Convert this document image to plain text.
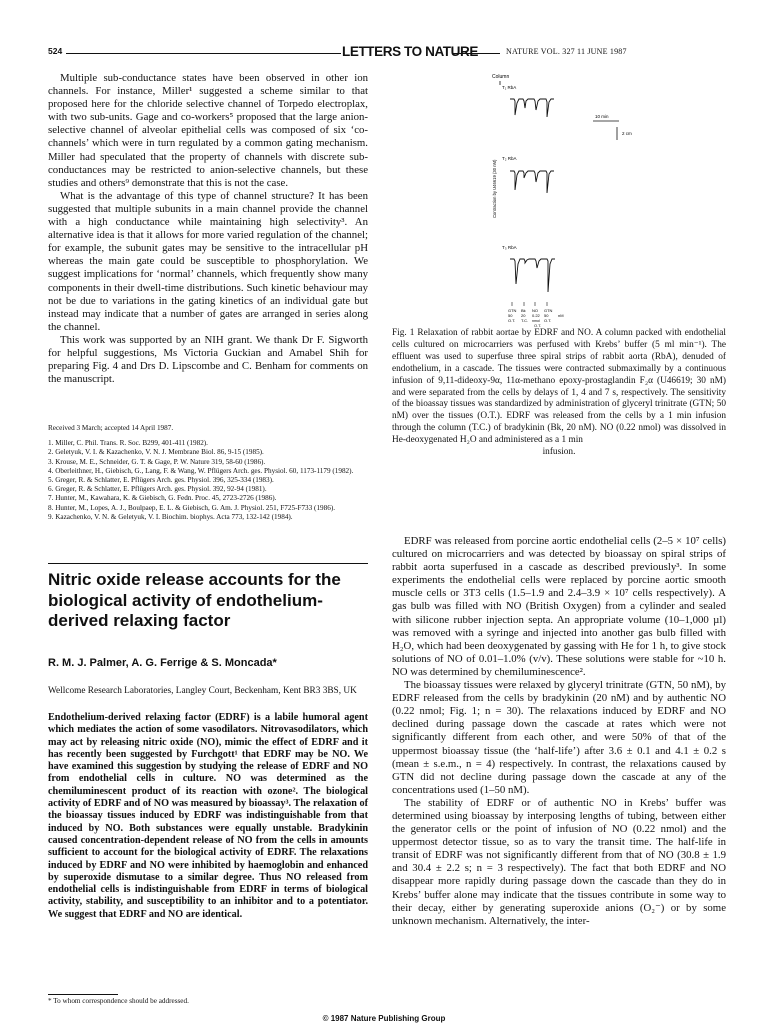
524	LETTERS TO NATURE	NATURE VOL. 327 11 JUNE 1987

Multiple sub-conductance states have been observed in other ion channels. For instance, Miller¹ suggested a scheme similar to that proposed here for the chloride selective channel of Torpedo electroplax, with two sub-units. Gage and co-workers⁵ proposed that the large anion-selective channel of alveolar epithelial cells was composed of six ‘co-channels’ which were in turn regulated by a common gating mechanism. Miller had speculated that the property of channels with discrete sub-conductances may be restricted to anion-selective channels, but these studies and others⁹ demonstrate that this is not the case.

What is the advantage of this type of channel structure? It has been suggested that multiple subunits in a main channel provide the channel with a high conductance while maintaining high selectivity³. An alternative idea is that it allows for more varied regulation of the channel; for example, the subunit gates may be sensitive to the intracellular pH whereas the main gate could be susceptible to phosphorylation. We suggest implications for ‘normal’ channels, which frequently show many components in their dwell-time distributions. Such kinetic behaviour may not be due to variations in the gating kinetics of an individual gate but instead may indicate that a number of gates are arranged in series along the channel.

This work was supported by an NIH grant. We thank Dr F. Sigworth for helpful suggestions, Ms Victoria Guckian and Amabel Shih for preparing Fig. 4 and Drs D. Lipscombe and C. Benham for comments on the manuscript.

Received 3 March; accepted 14 April 1987.
1. Miller, C. Phil. Trans. R. Soc. B299, 401-411 (1982).
2. Geletyuk, V. I. & Kazachenko, V. N. J. Membrane Biol. 86, 9-15 (1985).
3. Krouse, M. E., Schneider, G. T. & Gage, P. W. Nature 319, 58-60 (1986).
4. Oberleithner, H., Giebisch, G., Lang, F. & Wang, W. Pflügers Arch. ges. Physiol. 60, 1173-1179 (1982).
5. Greger, R. & Schlatter, E. Pflügers Arch. ges. Physiol. 396, 325-334 (1983).
6. Greger, R. & Schlatter, E. Pflügers Arch. ges. Physiol. 392, 92-94 (1981).
7. Hunter, M., Kawahara, K. & Giebisch, G. Fedn. Proc. 45, 2723-2726 (1986).
8. Hunter, M., Lopes, A. J., Boulpaep, E. L. & Giebisch, G. Am. J. Physiol. 251, F725-F733 (1986).
9. Kazachenko, V. N. & Geletyuk, V. I. Biochim. biophys. Acta 773, 132-142 (1984).
Nitric oxide release accounts for the biological activity of endothelium-derived relaxing factor
R. M. J. Palmer, A. G. Ferrige & S. Moncada*
Wellcome Research Laboratories, Langley Court, Beckenham, Kent BR3 3BS, UK
Endothelium-derived relaxing factor (EDRF) is a labile humoral agent which mediates the action of some vasodilators. Nitrovasodilators, which may act by releasing nitric oxide (NO), mimic the effect of EDRF and it has recently been suggested by Furchgott¹ that EDRF may be NO. We have examined this suggestion by studying the release of EDRF and NO from endothelial cells in culture. NO was determined as the chemiluminescent product of its reaction with ozone². The biological activity of EDRF and of NO was measured by bioassay³. The relaxation of the bioassay tissues induced by EDRF was indistinguishable from that induced by NO. Both substances were equally unstable. Bradykinin caused concentration-dependent release of NO from the cells in amounts sufficient to account for the biological activity of EDRF. The relaxations induced by EDRF and NO were inhibited by haemoglobin and enhanced by superoxide dismutase to a similar degree. Thus NO released from endothelial cells is indistinguishable from EDRF in terms of biological activity, stability, and susceptibility to an inhibitor and to a potentiator. We suggest that EDRF and NO are identical.
* To whom correspondence should be addressed.
Column
T₁ RbA
10 min
2 cm
Contraction by U46619 (30 nM)
T₂ RbA
T₃ RbA
GTN
50
O.T.
Bk
20
T.C.
NO
0.22
nmol
GTN
50
O.T.
nM
O.T.
Fig. 1 Relaxation of rabbit aortae by EDRF and NO. A column packed with endothelial cells cultured on microcarriers was perfused with Krebs’ buffer (5 ml min⁻¹). The effluent was used to superfuse three spiral strips of rabbit aorta (RbA), denuded of endothelium, in a cascade. The tissues were contracted submaximally by a continuous infusion of 9,11-dideoxy-9α, 11α-methano epoxy-prostaglandin F₂α (U46619; 30 nM) and were separated from the cells by delays of 1, 4 and 7 s, respectively. The sensitivity of the bioassay tissues was standardized by administration of glyceryl trinitrate (GTN; 50 nM) over the tissues (O.T.). EDRF was released from the cells by a 1 min infusion through the column (T.C.) of bradykinin (Bk, 20 nM). NO (0.22 nmol) was dissolved in He-deoxygenated H₂O and administered as a 1 min
infusion.

EDRF was released from porcine aortic endothelial cells (2–5 × 10⁷ cells) cultured on microcarriers and was detected by bioassay on spiral strips of rabbit aorta superfused in a cascade as described previously³. In some experiments the endothelial cells were replaced by porcine aortic smooth muscle cells or 3T3 cells (1.5–1.9 and 2.4–3.9 × 10⁷ cells respectively). A gas bulb was filled with NO (British Oxygen) from a cylinder and sealed with silicone rubber injection septa. An appropriate volume (10–1,000 µl) was removed with a syringe and injected into another gas bulb filled with H₂O, which had been deoxygenated by gassing with He for 1 h, to give stock solutions of NO of 0.01–1.0% (v/v). These solutions were stable for ~10 h. NO was determined by chemiluminescence².

The bioassay tissues were relaxed by glyceryl trinitrate (GTN, 50 nM), by EDRF released from the cells by bradykinin (20 nM) and by authentic NO (0.22 nmol; Fig. 1; n = 30). The relaxations induced by EDRF and NO declined during passage down the cascade at rates which were not significantly different from each other, and were 50% of that of the uppermost bioassay tissue (the ‘half-life’) after 3.6 ± 0.1 and 4.1 ± 0.2 s (mean ± s.e.m., n = 4) respectively. In contrast, the relaxations caused by GTN did not decline during passage down the cascade at any of the concentrations used (1–50 nM).

The stability of EDRF or of authentic NO in Krebs’ buffer was determined using bioassay by interposing lengths of tubing, between either the generator cells or the point of infusion of NO (0.22 nmol) and the uppermost detector tissue, so as to vary the transit time. The half-life in transit of EDRF was not significantly different from that of NO (30.8 ± 1.9 and 30.4 ± 2.2 s; n = 3 respectively). The fact that both EDRF and NO disappear more rapidly during passage down the cascade than they do in Krebs’ buffer alone may indicate that the tissues contribute in some way to their decay, either by generating superoxide anions (O₂⁻) or by some unknown mechanism. Alternatively, the inter-

© 1987 Nature Publishing Group
